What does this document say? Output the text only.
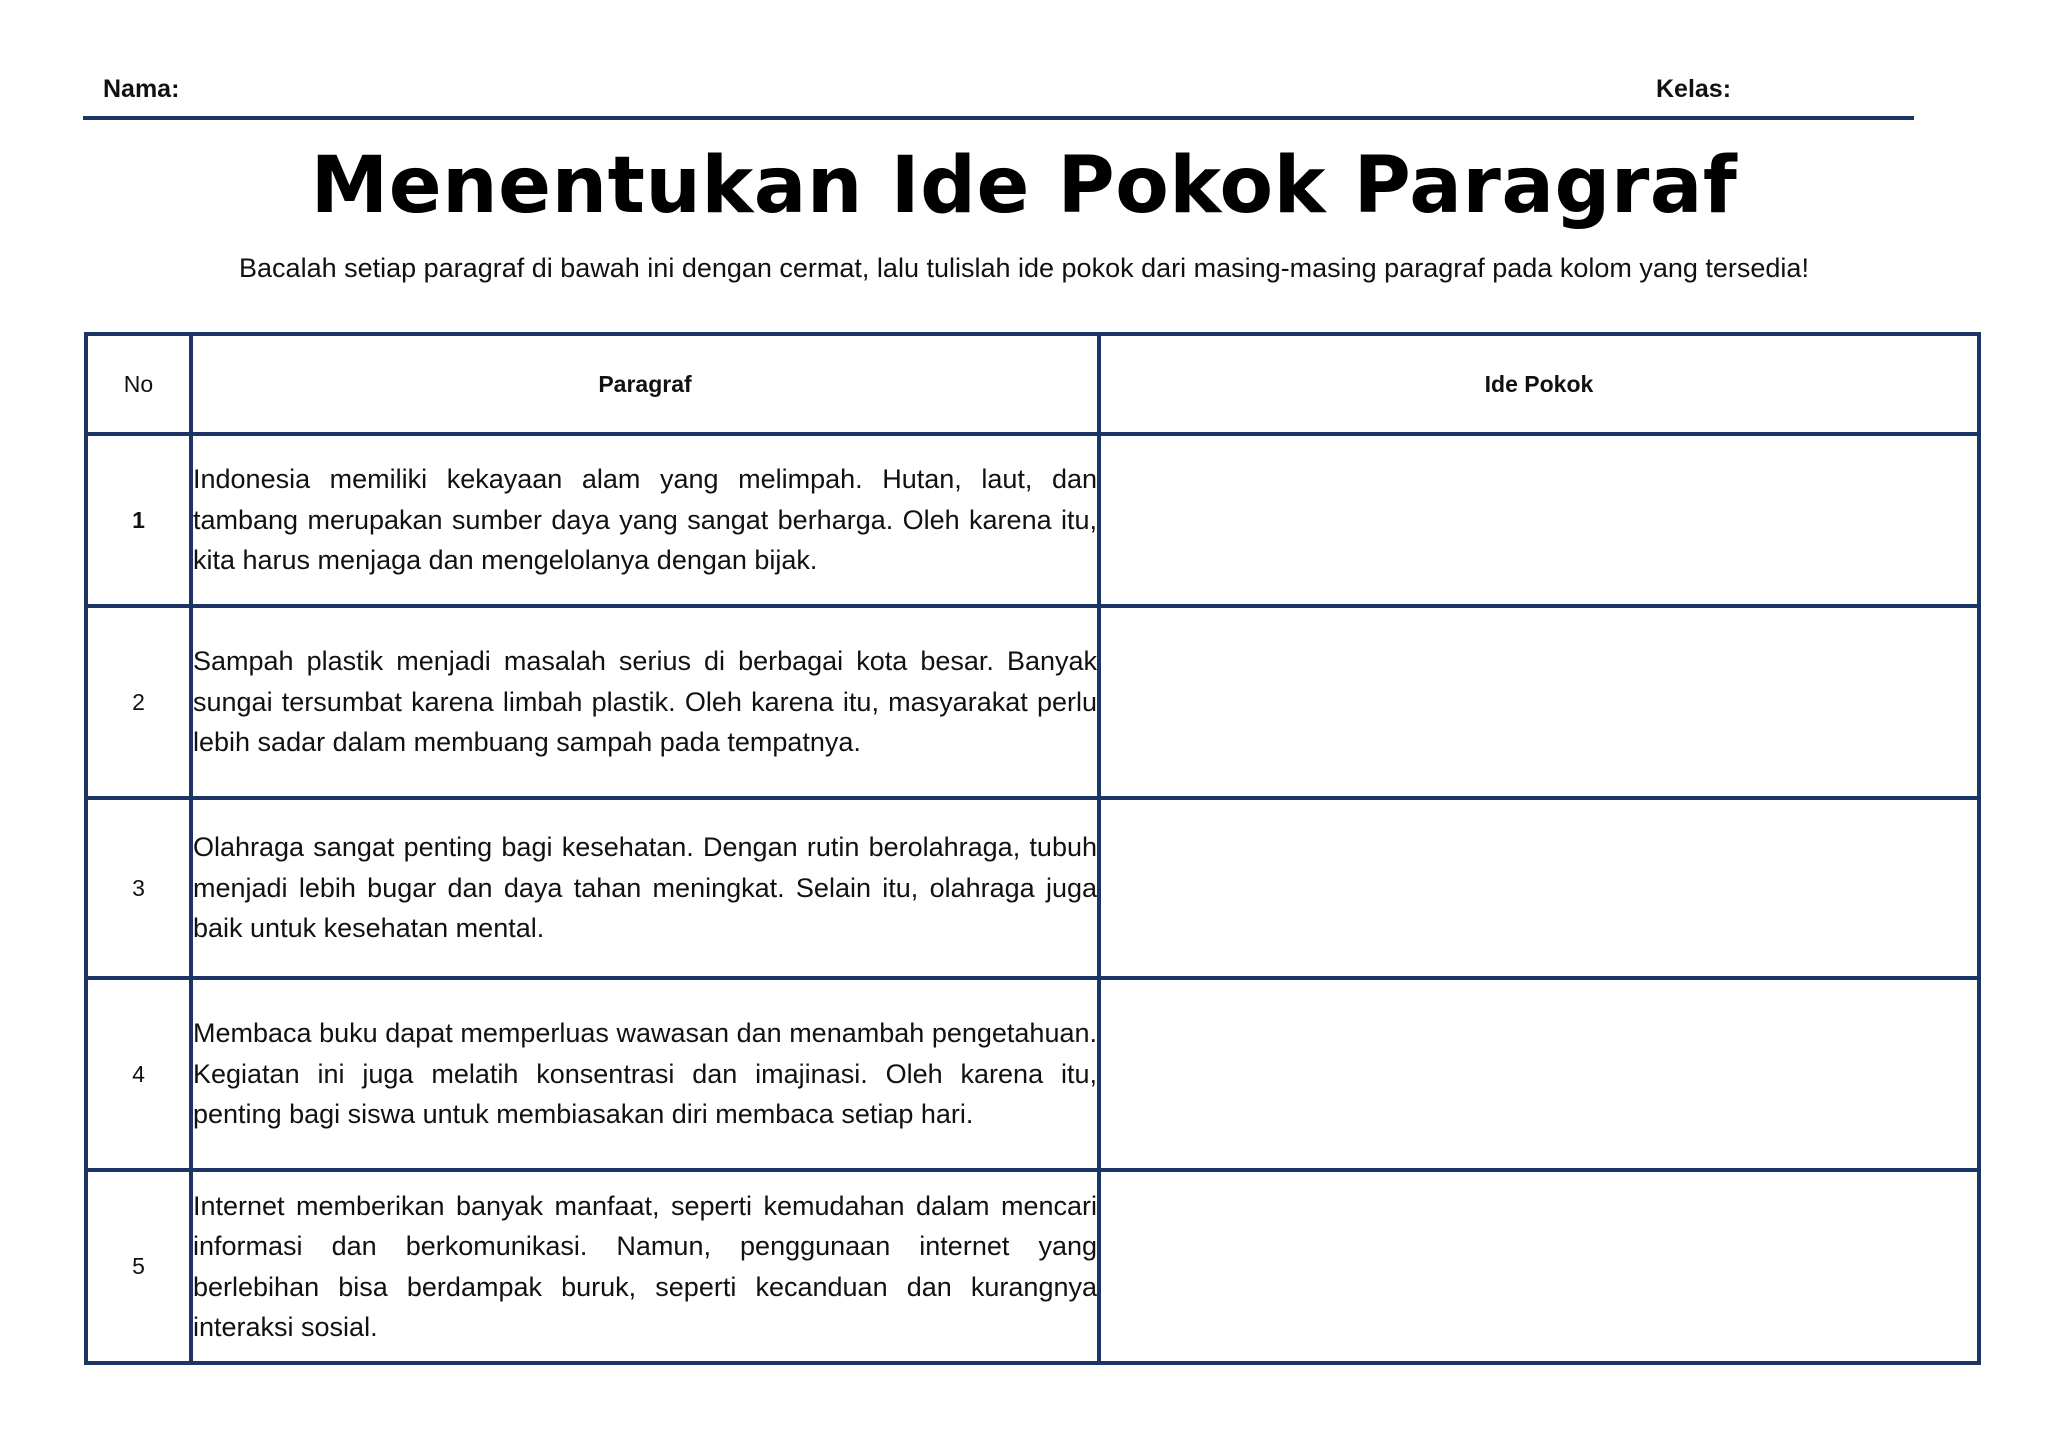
Nama:	Kelas:
Menentukan Ide Pokok Paragraf

Bacalah setiap paragraf di bawah ini dengan cermat, lalu tulislah ide pokok dari masing-masing paragraf pada kolom yang tersedia!

No	Paragraf	Ide Pokok
1	Indonesia memiliki kekayaan alam yang melimpah. Hutan, laut, dan tambang merupakan sumber daya yang sangat berharga. Oleh karena itu, kita harus menjaga dan mengelolanya dengan bijak.	
2	Sampah plastik menjadi masalah serius di berbagai kota besar. Banyak sungai tersumbat karena limbah plastik. Oleh karena itu, masyarakat perlu lebih sadar dalam membuang sampah pada tempatnya.	
3	Olahraga sangat penting bagi kesehatan. Dengan rutin berolahraga, tubuh menjadi lebih bugar dan daya tahan meningkat. Selain itu, olahraga juga baik untuk kesehatan mental.	
4	Membaca buku dapat memperluas wawasan dan menambah pengetahuan. Kegiatan ini juga melatih konsentrasi dan imajinasi. Oleh karena itu, penting bagi siswa untuk membiasakan diri membaca setiap hari.	
5	Internet memberikan banyak manfaat, seperti kemudahan dalam mencari informasi dan berkomunikasi. Namun, penggunaan internet yang berlebihan bisa berdampak buruk, seperti kecanduan dan kurangnya interaksi sosial.	
